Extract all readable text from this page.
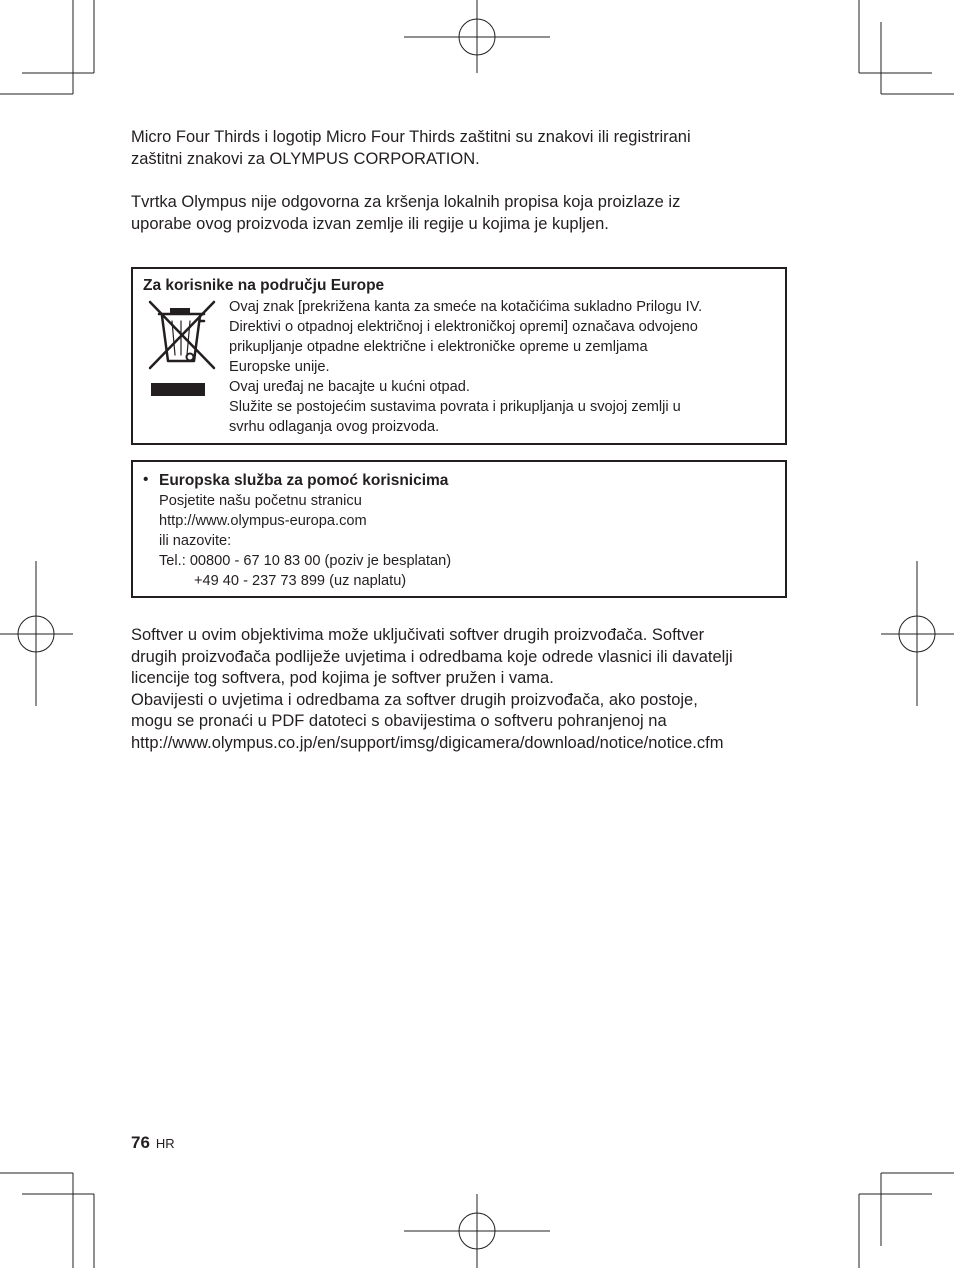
Micro Four Thirds i logotip Micro Four Thirds zaštitni su znakovi ili registrirani
zaštitni znakovi za OLYMPUS CORPORATION.
Tvrtka Olympus nije odgovorna za kršenja lokalnih propisa koja proizlaze iz
uporabe ovog proizvoda izvan zemlje ili regije u kojima je kupljen.
Za korisnike na području Europe
Ovaj znak [prekrižena kanta za smeće na kotačićima sukladno Prilogu IV.
Direktivi o otpadnoj električnoj i elektroničkoj opremi] označava odvojeno
prikupljanje otpadne električne i elektroničke opreme u zemljama
Europske unije.
Ovaj uređaj ne bacajte u kućni otpad.
Služite se postojećim sustavima povrata i prikupljanja u svojoj zemlji u
svrhu odlaganja ovog proizvoda.
• Europska služba za pomoć korisnicima
Posjetite našu početnu stranicu
http://www.olympus-europa.com
ili nazovite:
Tel.: 00800 - 67 10 83 00 (poziv je besplatan)
+49 40 - 237 73 899 (uz naplatu)
Softver u ovim objektivima može uključivati softver drugih proizvođača. Softver
drugih proizvođača podliježe uvjetima i odredbama koje odrede vlasnici ili davatelji
licencije tog softvera, pod kojima je softver pružen i vama.
Obavijesti o uvjetima i odredbama za softver drugih proizvođača, ako postoje,
mogu se pronaći u PDF datoteci s obavijestima o softveru pohranjenoj na
http://www.olympus.co.jp/en/support/imsg/digicamera/download/notice/notice.cfm
76 HR
